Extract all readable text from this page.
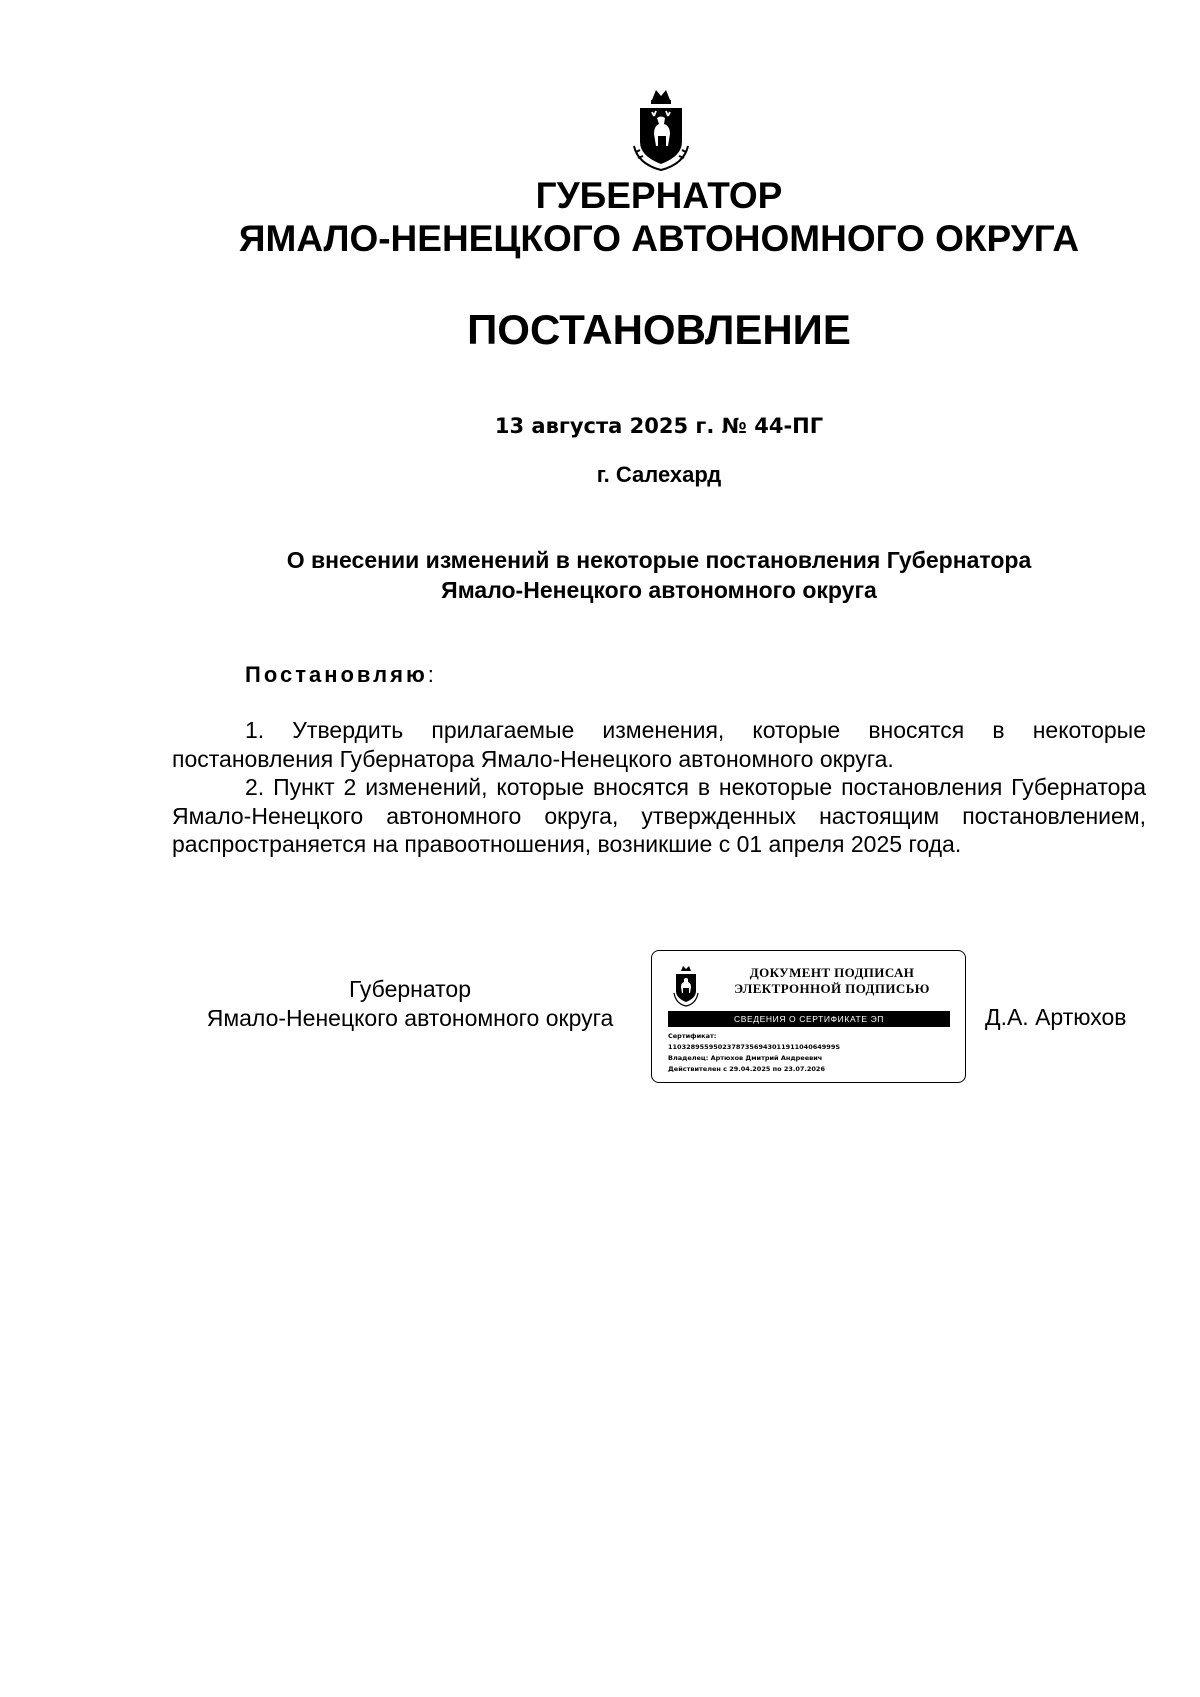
ГУБЕРНАТОР
ЯМАЛО-НЕНЕЦКОГО АВТОНОМНОГО ОКРУГА
ПОСТАНОВЛЕНИЕ
13 августа 2025 г. № 44-ПГ
г. Салехард
О внесении изменений в некоторые постановления Губернатора
Ямало-Ненецкого автономного округа
Постановляю:

1. Утвердить прилагаемые изменения, которые вносятся в некоторые постановления Губернатора Ямало-Ненецкого автономного округа.

2. Пункт 2 изменений, которые вносятся в некоторые постановления Губернатора Ямало-Ненецкого автономного округа, утвержденных настоящим постановлением, распространяется на правоотношения, возникшие с 01 апреля 2025 года.

Губернатор
Ямало-Ненецкого автономного округа
ДОКУМЕНТ ПОДПИСАН
ЭЛЕКТРОННОЙ ПОДПИСЬЮ
СВЕДЕНИЯ О СЕРТИФИКАТЕ ЭП
Сертификат:
1103289559502378735694301191104064999S
Владелец: Артюхов Дмитрий Андреевич
Действителен с 29.04.2025 по 23.07.2026
Д.А. Артюхов
